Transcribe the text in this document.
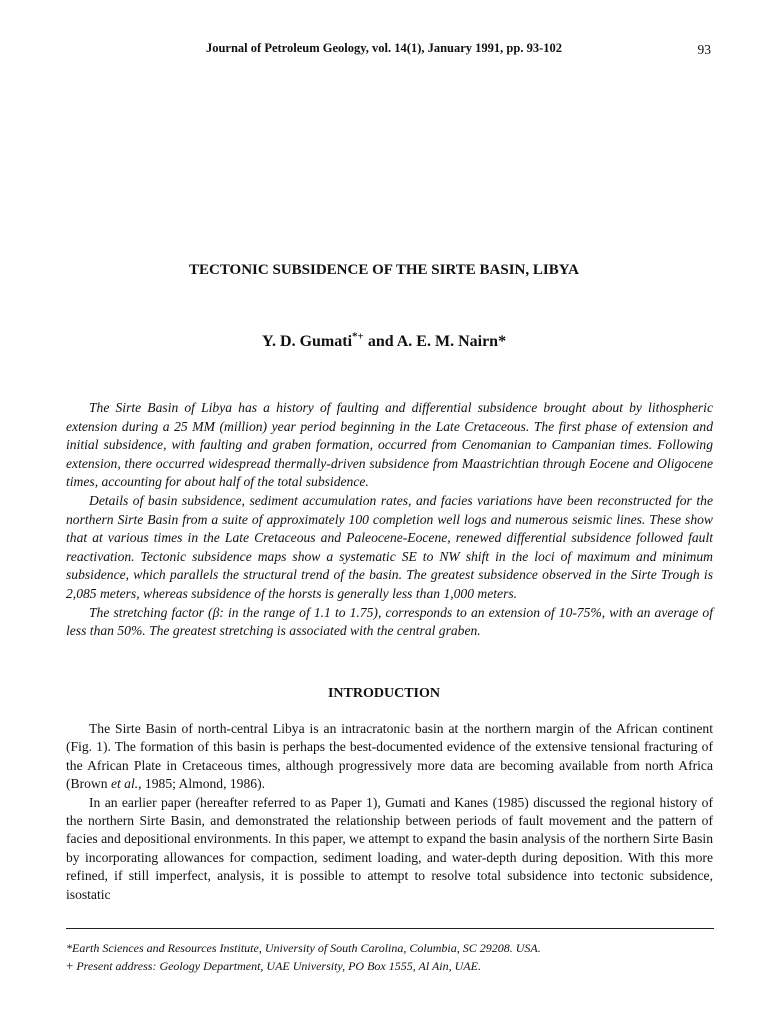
Journal of Petroleum Geology, vol. 14(1), January 1991, pp. 93-102	93
TECTONIC SUBSIDENCE OF THE SIRTE BASIN, LIBYA
Y. D. Gumati*+ and A. E. M. Nairn*

The Sirte Basin of Libya has a history of faulting and differential subsidence brought about by lithospheric extension during a 25 MM (million) year period beginning in the Late Cretaceous. The first phase of extension and initial subsidence, with faulting and graben formation, occurred from Cenomanian to Campanian times. Following extension, there occurred widespread thermally-driven subsidence from Maastrichtian through Eocene and Oligocene times, accounting for about half of the total subsidence.

Details of basin subsidence, sediment accumulation rates, and facies variations have been reconstructed for the northern Sirte Basin from a suite of approximately 100 completion well logs and numerous seismic lines. These show that at various times in the Late Cretaceous and Paleocene-Eocene, renewed differential subsidence followed fault reactivation. Tectonic subsidence maps show a systematic SE to NW shift in the loci of maximum and minimum subsidence, which parallels the structural trend of the basin. The greatest subsidence observed in the Sirte Trough is 2,085 meters, whereas subsidence of the horsts is generally less than 1,000 meters.

The stretching factor (β: in the range of 1.1 to 1.75), corresponds to an extension of 10-75%, with an average of less than 50%. The greatest stretching is associated with the central graben.

INTRODUCTION

The Sirte Basin of north-central Libya is an intracratonic basin at the northern margin of the African continent (Fig. 1). The formation of this basin is perhaps the best-documented evidence of the extensive tensional fracturing of the African Plate in Cretaceous times, although progressively more data are becoming available from north Africa (Brown et al., 1985; Almond, 1986).

In an earlier paper (hereafter referred to as Paper 1), Gumati and Kanes (1985) discussed the regional history of the northern Sirte Basin, and demonstrated the relationship between periods of fault movement and the pattern of facies and depositional environments. In this paper, we attempt to expand the basin analysis of the northern Sirte Basin by incorporating allowances for compaction, sediment loading, and water-depth during deposition. With this more refined, if still imperfect, analysis, it is possible to attempt to resolve total subsidence into tectonic subsidence, isostatic

*Earth Sciences and Resources Institute, University of South Carolina, Columbia, SC 29208. USA.
+ Present address: Geology Department, UAE University, PO Box 1555, Al Ain, UAE.
